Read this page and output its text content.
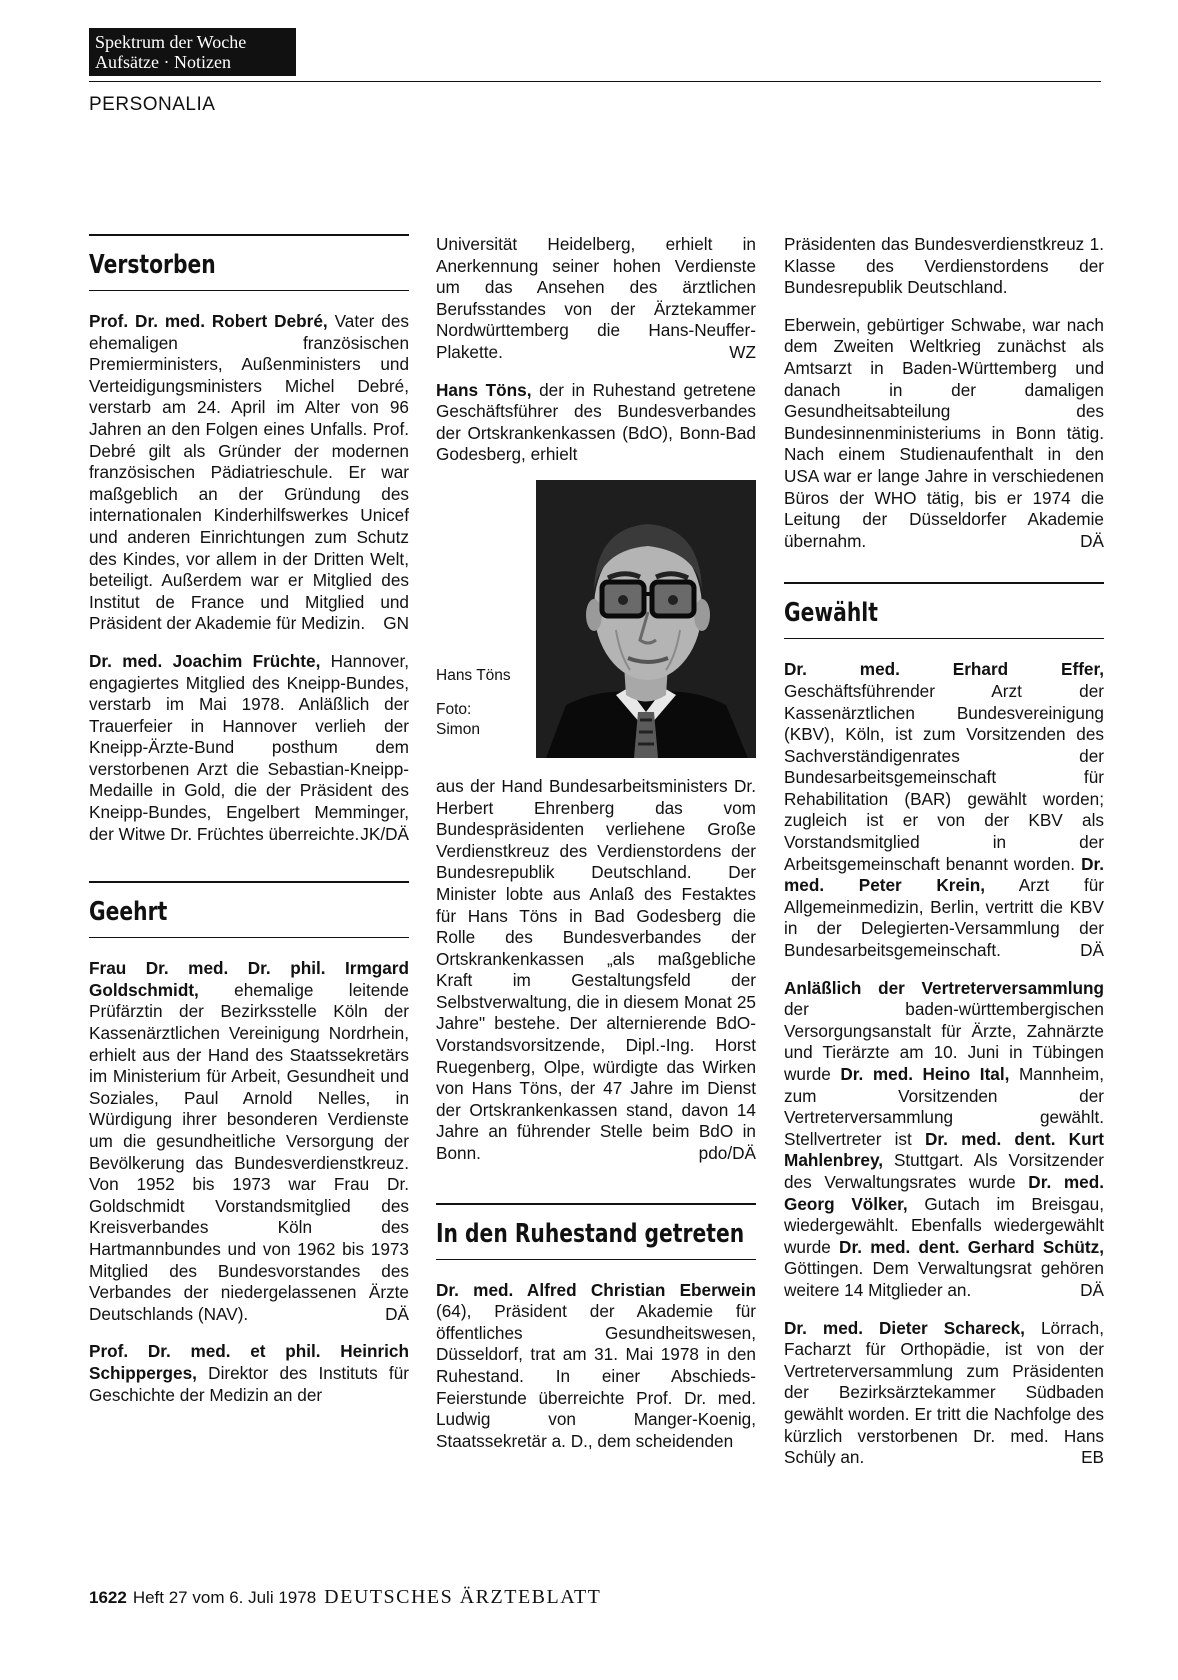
Spektrum der Woche
Aufsätze · Notizen
PERSONALIA
Verstorben

Prof. Dr. med. Robert Debré, Vater des ehemaligen französischen Premierministers, Außenministers und Verteidigungsministers Michel Debré, verstarb am 24. April im Alter von 96 Jahren an den Folgen eines Unfalls. Prof. Debré gilt als Gründer der modernen französischen Pädiatrieschule. Er war maßgeblich an der Gründung des internationalen Kinderhilfswerkes Unicef und anderen Einrichtungen zum Schutz des Kindes, vor allem in der Dritten Welt, beteiligt. Außerdem war er Mitglied des Institut de France und Mitglied und Präsident der Akademie für Medizin. GN

Dr. med. Joachim Früchte, Hannover, engagiertes Mitglied des Kneipp-Bundes, verstarb im Mai 1978. Anläßlich der Trauerfeier in Hannover verlieh der Kneipp-Ärzte-Bund posthum dem verstorbenen Arzt die Sebastian-Kneipp-Medaille in Gold, die der Präsident des Kneipp-Bundes, Engelbert Memminger, der Witwe Dr. Früchtes überreichte. JK/DÄ

Geehrt

Frau Dr. med. Dr. phil. Irmgard Goldschmidt, ehemalige leitende Prüfärztin der Bezirksstelle Köln der Kassenärztlichen Vereinigung Nordrhein, erhielt aus der Hand des Staatssekretärs im Ministerium für Arbeit, Gesundheit und Soziales, Paul Arnold Nelles, in Würdigung ihrer besonderen Verdienste um die gesundheitliche Versorgung der Bevölkerung das Bundesverdienstkreuz. Von 1952 bis 1973 war Frau Dr. Goldschmidt Vorstandsmitglied des Kreisverbandes Köln des Hartmannbundes und von 1962 bis 1973 Mitglied des Bundesvorstandes des Verbandes der niedergelassenen Ärzte Deutschlands (NAV).	DÄ

Prof. Dr. med. et phil. Heinrich Schipperges, Direktor des Instituts für Geschichte der Medizin an der

Universität Heidelberg, erhielt in Anerkennung seiner hohen Verdienste um das Ansehen des ärztlichen Berufsstandes von der Ärztekammer Nordwürttemberg die Hans-Neuffer-Plakette.	WZ

Hans Töns, der in Ruhestand getretene Geschäftsführer des Bundesverbandes der Ortskrankenkassen (BdO), Bonn-Bad Godesberg, erhielt

Hans Töns
Foto:
Simon

aus der Hand Bundesarbeitsministers Dr. Herbert Ehrenberg das vom Bundespräsidenten verliehene Große Verdienstkreuz des Verdienstordens der Bundesrepublik Deutschland. Der Minister lobte aus Anlaß des Festaktes für Hans Töns in Bad Godesberg die Rolle des Bundesverbandes der Ortskrankenkassen „als maßgebliche Kraft im Gestaltungsfeld der Selbstverwaltung, die in diesem Monat 25 Jahre" bestehe. Der alternierende BdO-Vorstandsvorsitzende, Dipl.-Ing. Horst Ruegenberg, Olpe, würdigte das Wirken von Hans Töns, der 47 Jahre im Dienst der Ortskrankenkassen stand, davon 14 Jahre an führender Stelle beim BdO in Bonn.	pdo/DÄ

In den Ruhestand getreten

Dr. med. Alfred Christian Eberwein (64), Präsident der Akademie für öffentliches Gesundheitswesen, Düsseldorf, trat am 31. Mai 1978 in den Ruhestand. In einer Abschieds-Feierstunde überreichte Prof. Dr. med. Ludwig von Manger-Koenig, Staatssekretär a. D., dem scheidenden

Präsidenten das Bundesverdienstkreuz 1. Klasse des Verdienstordens der Bundesrepublik Deutschland.

Eberwein, gebürtiger Schwabe, war nach dem Zweiten Weltkrieg zunächst als Amtsarzt in Baden-Württemberg und danach in der damaligen Gesundheitsabteilung des Bundesinnenministeriums in Bonn tätig. Nach einem Studienaufenthalt in den USA war er lange Jahre in verschiedenen Büros der WHO tätig, bis er 1974 die Leitung der Düsseldorfer Akademie übernahm.	DÄ

Gewählt

Dr. med. Erhard Effer, Geschäftsführender Arzt der Kassenärztlichen Bundesvereinigung (KBV), Köln, ist zum Vorsitzenden des Sachverständigenrates der Bundesarbeitsgemeinschaft für Rehabilitation (BAR) gewählt worden; zugleich ist er von der KBV als Vorstandsmitglied in der Arbeitsgemeinschaft benannt worden. Dr. med. Peter Krein, Arzt für Allgemeinmedizin, Berlin, vertritt die KBV in der Delegierten-Versammlung der Bundesarbeitsgemeinschaft.	DÄ

Anläßlich der Vertreterversammlung der baden-württembergischen Versorgungsanstalt für Ärzte, Zahnärzte und Tierärzte am 10. Juni in Tübingen wurde Dr. med. Heino Ital, Mannheim, zum Vorsitzenden der Vertreterversammlung gewählt. Stellvertreter ist Dr. med. dent. Kurt Mahlenbrey, Stuttgart. Als Vorsitzender des Verwaltungsrates wurde Dr. med. Georg Völker, Gutach im Breisgau, wiedergewählt. Ebenfalls wiedergewählt wurde Dr. med. dent. Gerhard Schütz, Göttingen. Dem Verwaltungsrat gehören weitere 14 Mitglieder an.	DÄ

Dr. med. Dieter Schareck, Lörrach, Facharzt für Orthopädie, ist von der Vertreterversammlung zum Präsidenten der Bezirksärztekammer Südbaden gewählt worden. Er tritt die Nachfolge des kürzlich verstorbenen Dr. med. Hans Schüly an.	EB

1622 Heft 27 vom 6. Juli 1978 DEUTSCHES ÄRZTEBLATT
